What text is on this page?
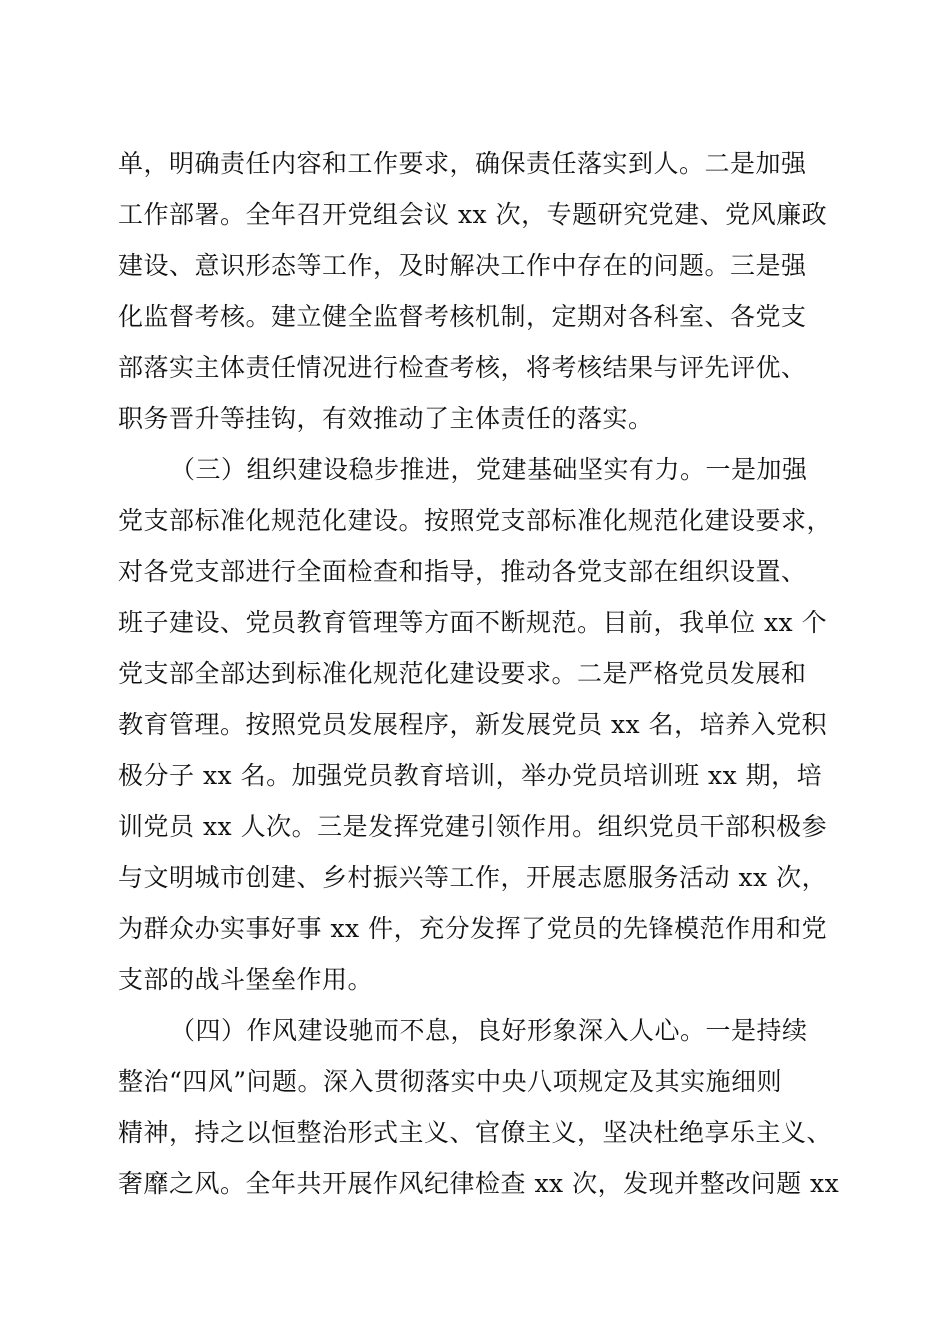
单，明确责任内容和工作要求，确保责任落实到人。二是加强
工作部署。全年召开党组会议 xx 次，专题研究党建、党风廉政
建设、意识形态等工作，及时解决工作中存在的问题。三是强
化监督考核。建立健全监督考核机制，定期对各科室、各党支
部落实主体责任情况进行检查考核，将考核结果与评先评优、
职务晋升等挂钩，有效推动了主体责任的落实。
（三）组织建设稳步推进，党建基础坚实有力。一是加强
党支部标准化规范化建设。按照党支部标准化规范化建设要求，
对各党支部进行全面检查和指导，推动各党支部在组织设置、
班子建设、党员教育管理等方面不断规范。目前，我单位 xx 个
党支部全部达到标准化规范化建设要求。二是严格党员发展和
教育管理。按照党员发展程序，新发展党员 xx 名，培养入党积
极分子 xx 名。加强党员教育培训，举办党员培训班 xx 期，培
训党员 xx 人次。三是发挥党建引领作用。组织党员干部积极参
与文明城市创建、乡村振兴等工作，开展志愿服务活动 xx 次，
为群众办实事好事 xx 件，充分发挥了党员的先锋模范作用和党
支部的战斗堡垒作用。
（四）作风建设驰而不息，良好形象深入人心。一是持续
整治“四风”问题。深入贯彻落实中央八项规定及其实施细则
精神，持之以恒整治形式主义、官僚主义，坚决杜绝享乐主义、
奢靡之风。全年共开展作风纪律检查 xx 次，发现并整改问题 xx
